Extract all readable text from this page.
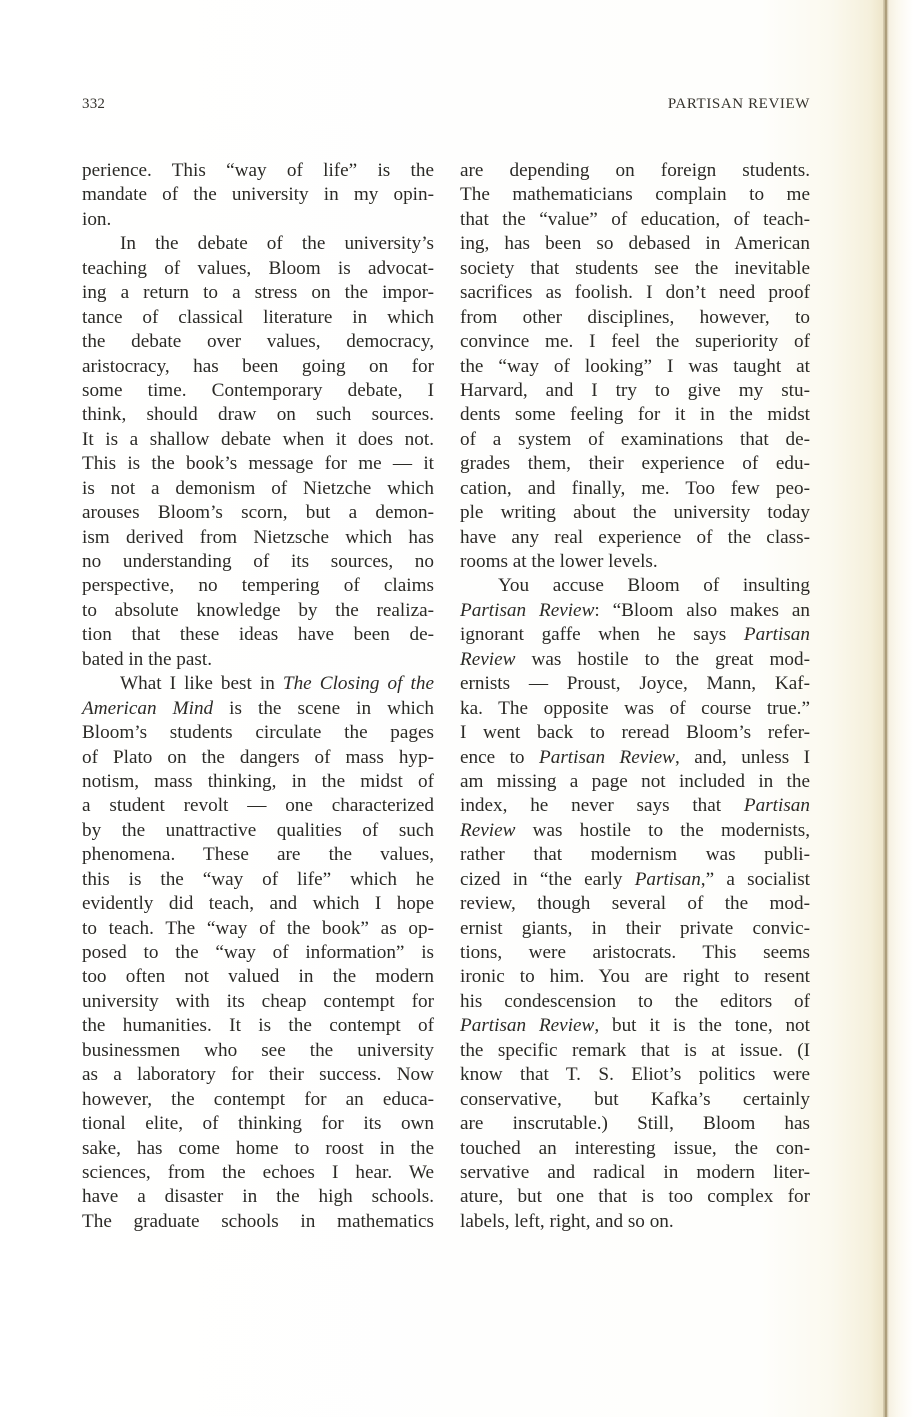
332	PARTISAN REVIEW
perience. This “way of life” is the
mandate of the university in my opin-
ion.
In the debate of the university’s
teaching of values, Bloom is advocat-
ing a return to a stress on the impor-
tance of classical literature in which
the debate over values, democracy,
aristocracy, has been going on for
some time. Contemporary debate, I
think, should draw on such sources.
It is a shallow debate when it does not.
This is the book’s message for me — it
is not a demonism of Nietzche which
arouses Bloom’s scorn, but a demon-
ism derived from Nietzsche which has
no understanding of its sources, no
perspective, no tempering of claims
to absolute knowledge by the realiza-
tion that these ideas have been de-
bated in the past.
What I like best in The Closing of the
American Mind is the scene in which
Bloom’s students circulate the pages
of Plato on the dangers of mass hyp-
notism, mass thinking, in the midst of
a student revolt — one characterized
by the unattractive qualities of such
phenomena. These are the values,
this is the “way of life” which he
evidently did teach, and which I hope
to teach. The “way of the book” as op-
posed to the “way of information” is
too often not valued in the modern
university with its cheap contempt for
the humanities. It is the contempt of
businessmen who see the university
as a laboratory for their success. Now
however, the contempt for an educa-
tional elite, of thinking for its own
sake, has come home to roost in the
sciences, from the echoes I hear. We
have a disaster in the high schools.
The graduate schools in mathematics
are depending on foreign students.
The mathematicians complain to me
that the “value” of education, of teach-
ing, has been so debased in American
society that students see the inevitable
sacrifices as foolish. I don’t need proof
from other disciplines, however, to
convince me. I feel the superiority of
the “way of looking” I was taught at
Harvard, and I try to give my stu-
dents some feeling for it in the midst
of a system of examinations that de-
grades them, their experience of edu-
cation, and finally, me. Too few peo-
ple writing about the university today
have any real experience of the class-
rooms at the lower levels.
You accuse Bloom of insulting
Partisan Review: “Bloom also makes an
ignorant gaffe when he says Partisan
Review was hostile to the great mod-
ernists — Proust, Joyce, Mann, Kaf-
ka. The opposite was of course true.”
I went back to reread Bloom’s refer-
ence to Partisan Review, and, unless I
am missing a page not included in the
index, he never says that Partisan
Review was hostile to the modernists,
rather that modernism was publi-
cized in “the early Partisan,” a socialist
review, though several of the mod-
ernist giants, in their private convic-
tions, were aristocrats. This seems
ironic to him. You are right to resent
his condescension to the editors of
Partisan Review, but it is the tone, not
the specific remark that is at issue. (I
know that T. S. Eliot’s politics were
conservative, but Kafka’s certainly
are inscrutable.) Still, Bloom has
touched an interesting issue, the con-
servative and radical in modern liter-
ature, but one that is too complex for
labels, left, right, and so on.
